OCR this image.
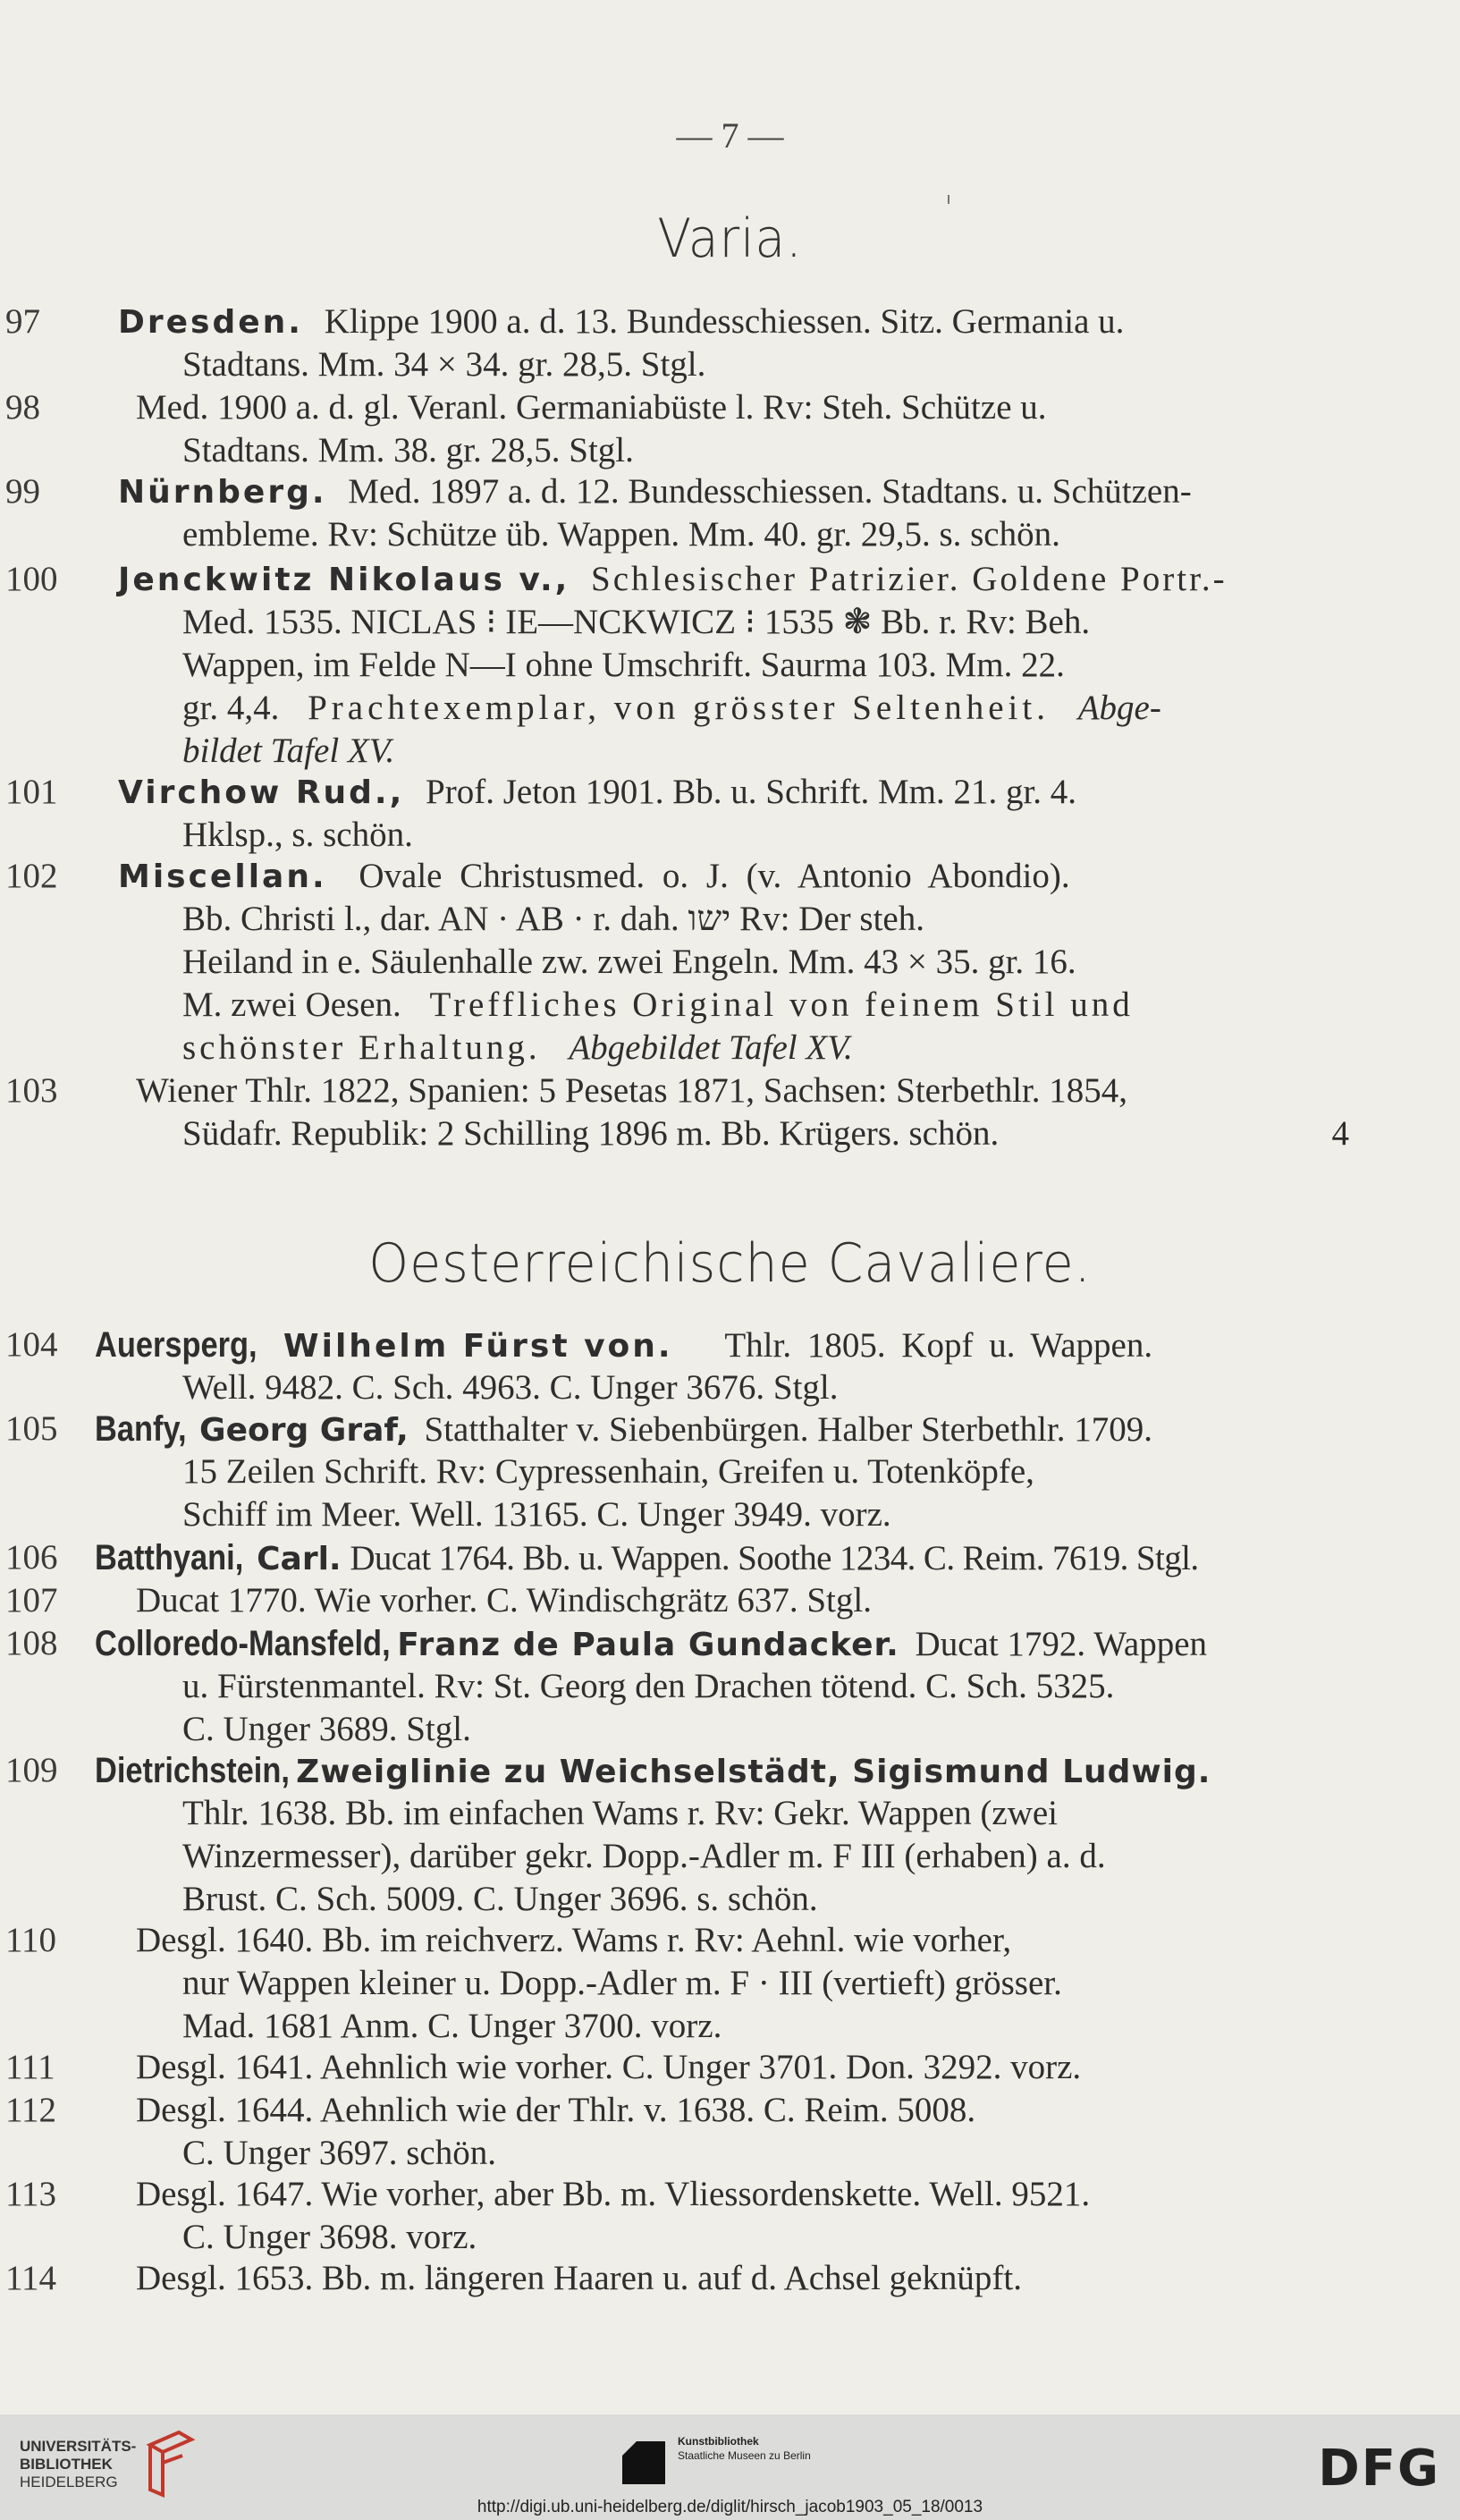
— 7 —
Varia.
97	Dresden. Klippe 1900 a. d. 13. Bundesschiessen. Sitz. Germania u.
Stadtans. Mm. 34 × 34. gr. 28,5. Stgl.
98	Med. 1900 a. d. gl. Veranl. Germaniabüste l. Rv: Steh. Schütze u.
Stadtans. Mm. 38. gr. 28,5. Stgl.
99	Nürnberg. Med. 1897 a. d. 12. Bundesschiessen. Stadtans. u. Schützen-
embleme. Rv: Schütze üb. Wappen. Mm. 40. gr. 29,5. s. schön.
100	Jenckwitz Nikolaus v., Schlesischer Patrizier. Goldene Portr.-
Med. 1535. NICLAS ⁝ IE—NCKWICZ ⁝ 1535 ❃ Bb. r. Rv: Beh.
Wappen, im Felde N—I ohne Umschrift. Saurma 103. Mm. 22.
gr. 4,4. Prachtexemplar, von grösster Seltenheit. Abge-
bildet Tafel XV.
101	Virchow Rud., Prof. Jeton 1901. Bb. u. Schrift. Mm. 21. gr. 4.
Hklsp., s. schön.
102	Miscellan. Ovale Christusmed. o. J. (v. Antonio Abondio).
Bb. Christi l., dar. AN · AB · r. dah. ישו Rv: Der steh.
Heiland in e. Säulenhalle zw. zwei Engeln. Mm. 43 × 35. gr. 16.
M. zwei Oesen. Treffliches Original von feinem Stil und
schönster Erhaltung. Abgebildet Tafel XV.
103	Wiener Thlr. 1822, Spanien: 5 Pesetas 1871, Sachsen: Sterbethlr. 1854,
Südafr. Republik: 2 Schilling 1896 m. Bb. Krügers. schön.	4
Oesterreichische Cavaliere.
104	Auersperg, Wilhelm Fürst von. Thlr. 1805. Kopf u. Wappen.
Well. 9482. C. Sch. 4963. C. Unger 3676. Stgl.
105	Banfy, Georg Graf, Statthalter v. Siebenbürgen. Halber Sterbethlr. 1709.
15 Zeilen Schrift. Rv: Cypressenhain, Greifen u. Totenköpfe,
Schiff im Meer. Well. 13165. C. Unger 3949. vorz.
106	Batthyani, Carl. Ducat 1764. Bb. u. Wappen. Soothe 1234. C. Reim. 7619. Stgl.
107	Ducat 1770. Wie vorher. C. Windischgrätz 637. Stgl.
108	Colloredo-Mansfeld, Franz de Paula Gundacker. Ducat 1792. Wappen
u. Fürstenmantel. Rv: St. Georg den Drachen tötend. C. Sch. 5325.
C. Unger 3689. Stgl.
109	Dietrichstein, Zweiglinie zu Weichselstädt, Sigismund Ludwig.
Thlr. 1638. Bb. im einfachen Wams r. Rv: Gekr. Wappen (zwei
Winzermesser), darüber gekr. Dopp.-Adler m. F III (erhaben) a. d.
Brust. C. Sch. 5009. C. Unger 3696. s. schön.
110	Desgl. 1640. Bb. im reichverz. Wams r. Rv: Aehnl. wie vorher,
nur Wappen kleiner u. Dopp.-Adler m. F · III (vertieft) grösser.
Mad. 1681 Anm. C. Unger 3700. vorz.
111	Desgl. 1641. Aehnlich wie vorher. C. Unger 3701. Don. 3292. vorz.
112	Desgl. 1644. Aehnlich wie der Thlr. v. 1638. C. Reim. 5008.
C. Unger 3697. schön.
113	Desgl. 1647. Wie vorher, aber Bb. m. Vliessordenskette. Well. 9521.
C. Unger 3698. vorz.
114	Desgl. 1653. Bb. m. längeren Haaren u. auf d. Achsel geknüpft.
UNIVERSITÄTS-
BIBLIOTHEK
HEIDELBERG
Kunstbibliothek
Staatliche Museen zu Berlin	DFG
http://digi.ub.uni-heidelberg.de/diglit/hirsch_jacob1903_05_18/0013
